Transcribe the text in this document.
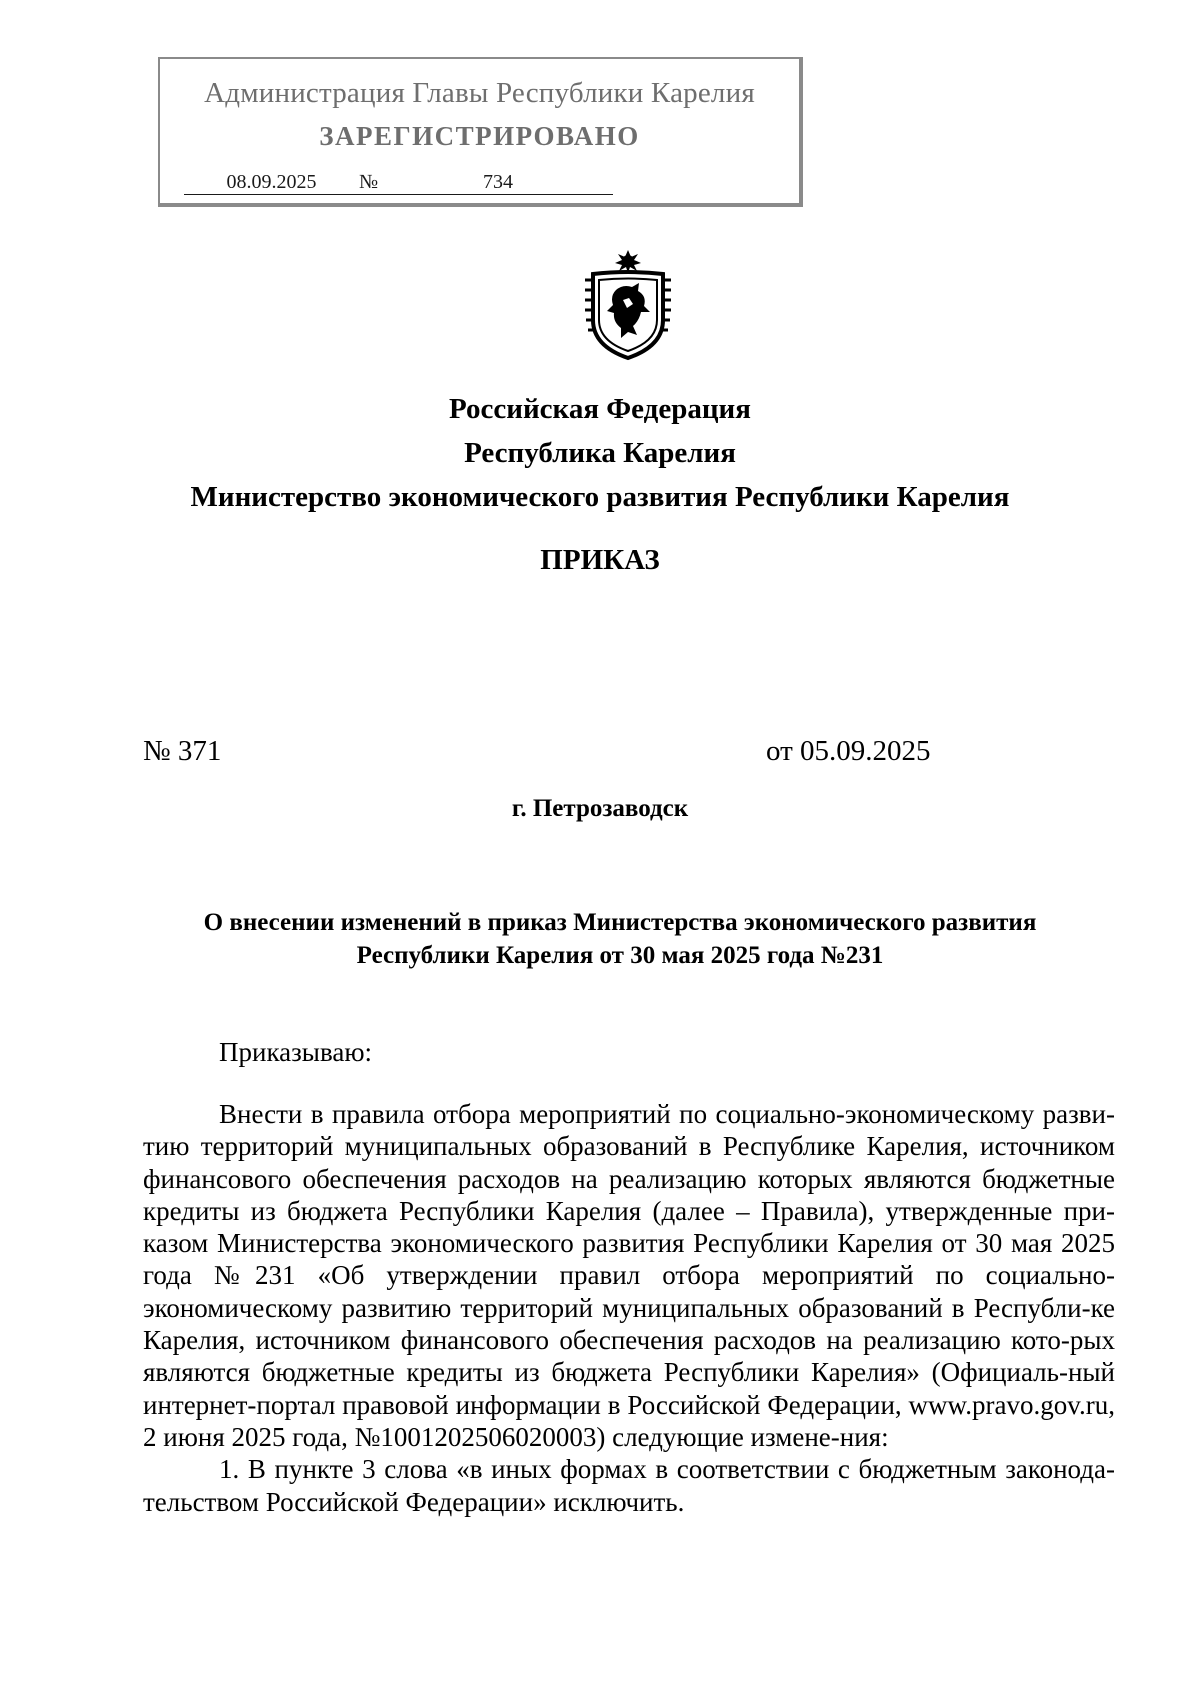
Администрация Главы Республики Карелия
ЗАРЕГИСТРИРОВАНО
08.09.2025 №	734
Российская Федерация
Республика Карелия
Министерство экономического развития Республики Карелия
ПРИКАЗ
№ 371	от 05.09.2025
г. Петрозаводск
О внесении изменений в приказ Министерства экономического развития
Республики Карелия от 30 мая 2025 года №231
Приказываю:

Внести в правила отбора мероприятий по социально-экономическому разви-тию территорий муниципальных образований в Республике Карелия, источником финансового обеспечения расходов на реализацию которых являются бюджетные кредиты из бюджета Республики Карелия (далее – Правила), утвержденные при-казом Министерства экономического развития Республики Карелия от 30 мая 2025 года №231 «Об утверждении правил отбора мероприятий по социально-экономическому развитию территорий муниципальных образований в Республи-ке Карелия, источником финансового обеспечения расходов на реализацию кото-рых являются бюджетные кредиты из бюджета Республики Карелия» (Официаль-ный интернет-портал правовой информации в Российской Федерации, www.pravo.gov.ru, 2 июня 2025 года, №1001202506020003) следующие измене-ния:

1. В пункте 3 слова «в иных формах в соответствии с бюджетным законода-тельством Российской Федерации» исключить.
